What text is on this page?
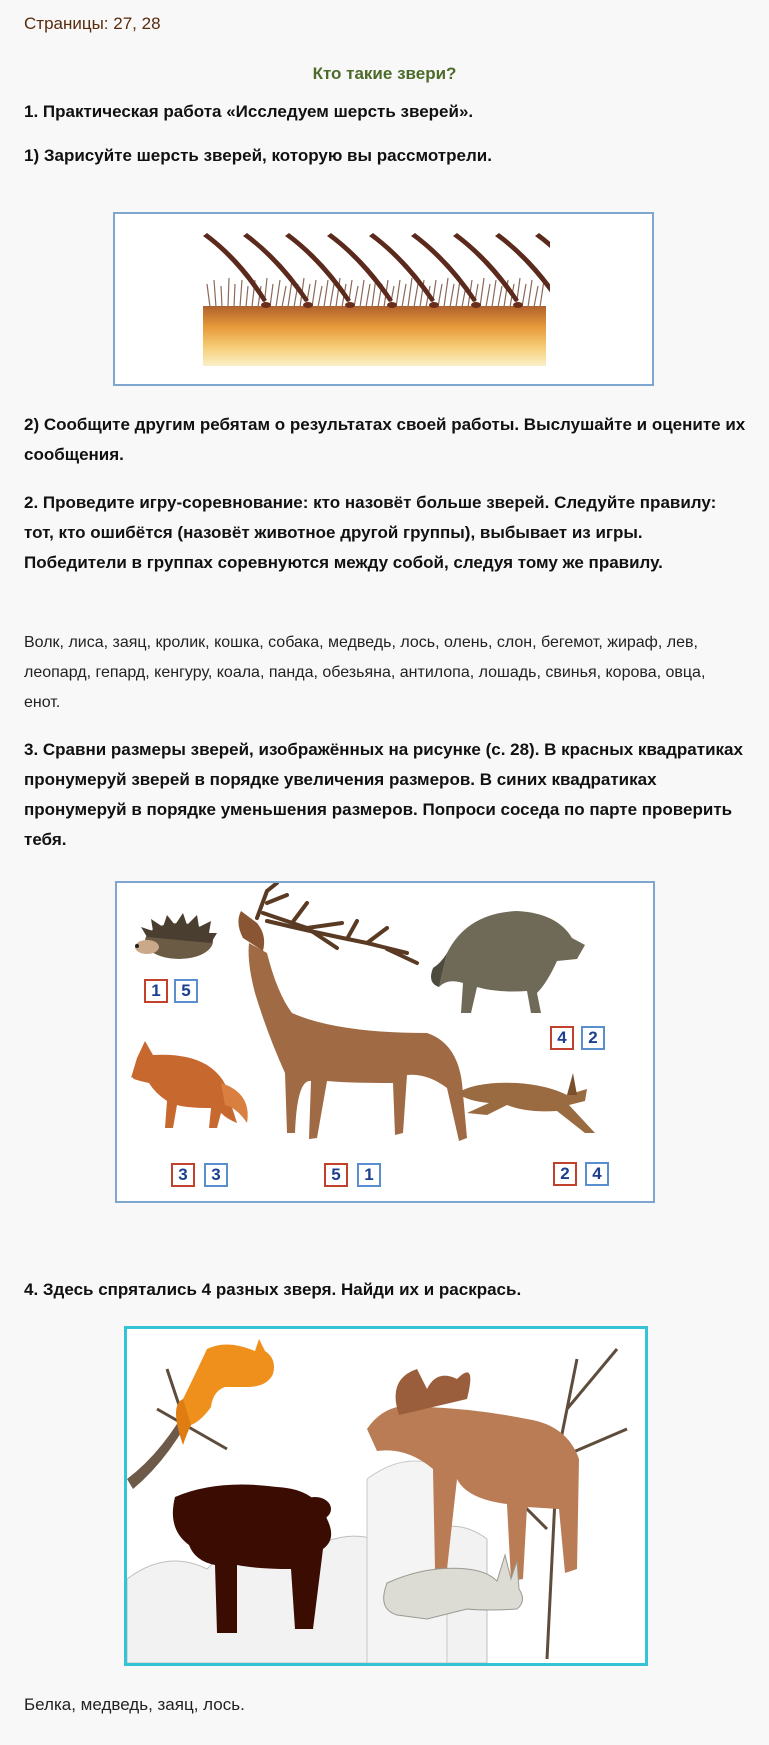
Страницы: 27, 28
Кто такие звери?
1. Практическая работа «Исследуем шерсть зверей».
1) Зарисуйте шерсть зверей, которую вы рассмотрели.
2) Сообщите другим ребятам о результатах своей работы. Выслушайте и оцените их сообщения.
2. Проведите игру-соревнование: кто назовёт больше зверей. Следуйте правилу: тот, кто ошибётся (назовёт животное другой группы), выбывает из игры. Победители в группах соревнуются между собой, следуя тому же правилу.
Волк, лиса, заяц, кролик, кошка, собака, медведь, лось, олень, слон, бегемот, жираф, лев, леопард, гепард, кенгуру, коала, панда, обезьяна, антилопа, лошадь, свинья, корова, овца, енот.
3. Сравни размеры зверей, изображённых на рисунке (с. 28). В красных квадратиках пронумеруй зверей в порядке увеличения размеров. В синих квадратиках пронумеруй в порядке уменьшения размеров. Попроси соседа по парте проверить тебя.
1	5
4	2
3	3	5	1	2	4
4. Здесь спрятались 4 разных зверя. Найди их и раскрась.
Белка, медведь, заяц, лось.
